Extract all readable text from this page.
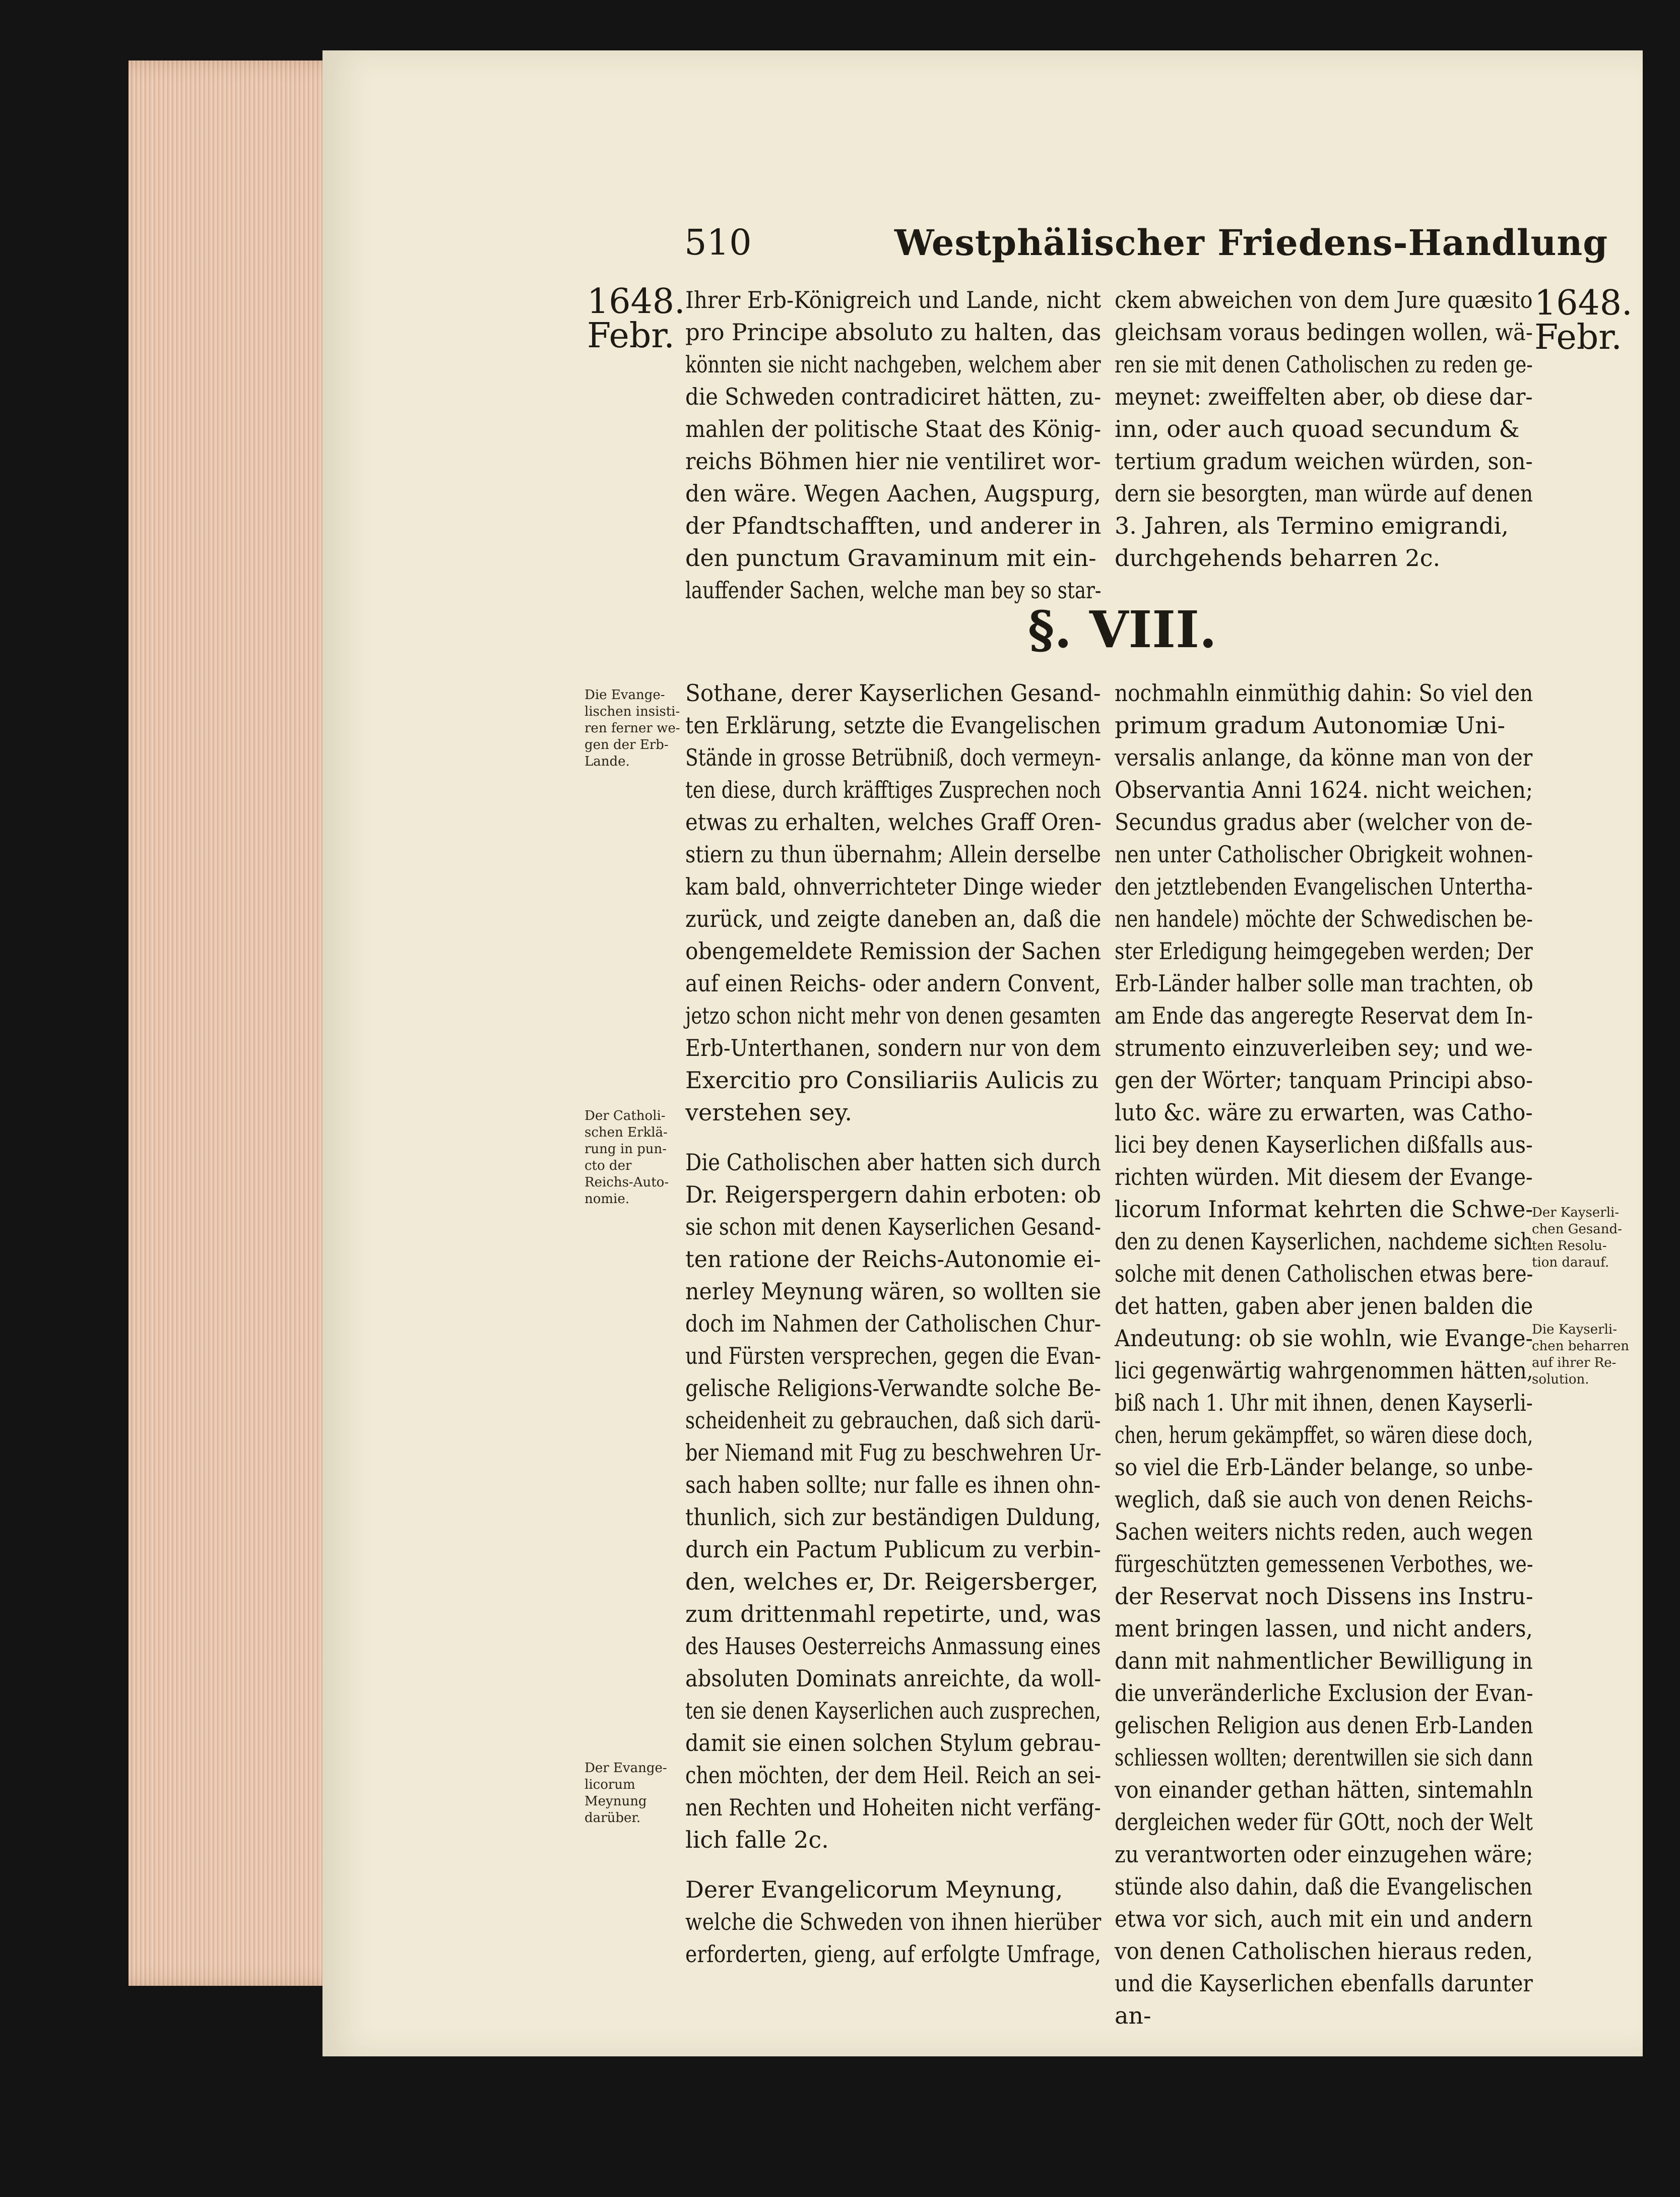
510	Westphälischer Friedens-Handlung
1648.
Febr.
1648.
Febr.
§. VIII.
Ihrer Erb-Königreich und Lande, nicht
pro Principe absoluto zu halten, das
könnten sie nicht nachgeben, welchem aber
die Schweden contradiciret hätten, zu-
mahlen der politische Staat des König-
reichs Böhmen hier nie ventiliret wor-
den wäre. Wegen Aachen, Augspurg,
der Pfandtschafften, und anderer in
den punctum Gravaminum mit ein-
lauffender Sachen, welche man bey so star-
ckem abweichen von dem Jure quæsito
gleichsam voraus bedingen wollen, wä-
ren sie mit denen Catholischen zu reden ge-
meynet: zweiffelten aber, ob diese dar-
inn, oder auch quoad secundum &
tertium gradum weichen würden, son-
dern sie besorgten, man würde auf denen
3. Jahren, als Termino emigrandi,
durchgehends beharren 2c.
Sothane, derer Kayserlichen Gesand-
ten Erklärung, setzte die Evangelischen
Stände in grosse Betrübniß, doch vermeyn-
ten diese, durch kräfftiges Zusprechen noch
etwas zu erhalten, welches Graff Oren-
stiern zu thun übernahm; Allein derselbe
kam bald, ohnverrichteter Dinge wieder
zurück, und zeigte daneben an, daß die
obengemeldete Remission der Sachen
auf einen Reichs- oder andern Convent,
jetzo schon nicht mehr von denen gesamten
Erb-Unterthanen, sondern nur von dem
Exercitio pro Consiliariis Aulicis zu
verstehen sey.
Die Catholischen aber hatten sich durch
Dr. Reigerspergern dahin erboten: ob
sie schon mit denen Kayserlichen Gesand-
ten ratione der Reichs-Autonomie ei-
nerley Meynung wären, so wollten sie
doch im Nahmen der Catholischen Chur-
und Fürsten versprechen, gegen die Evan-
gelische Religions-Verwandte solche Be-
scheidenheit zu gebrauchen, daß sich darü-
ber Niemand mit Fug zu beschwehren Ur-
sach haben sollte; nur falle es ihnen ohn-
thunlich, sich zur beständigen Duldung,
durch ein Pactum Publicum zu verbin-
den, welches er, Dr. Reigersberger,
zum drittenmahl repetirte, und, was
des Hauses Oesterreichs Anmassung eines
absoluten Dominats anreichte, da woll-
ten sie denen Kayserlichen auch zusprechen,
damit sie einen solchen Stylum gebrau-
chen möchten, der dem Heil. Reich an sei-
nen Rechten und Hoheiten nicht verfäng-
lich falle 2c.
Derer Evangelicorum Meynung,
welche die Schweden von ihnen hierüber
erforderten, gieng, auf erfolgte Umfrage,
nochmahln einmüthig dahin: So viel den
primum gradum Autonomiæ Uni-
versalis anlange, da könne man von der
Observantia Anni 1624. nicht weichen;
Secundus gradus aber (welcher von de-
nen unter Catholischer Obrigkeit wohnen-
den jetztlebenden Evangelischen Untertha-
nen handele) möchte der Schwedischen be-
ster Erledigung heimgegeben werden; Der
Erb-Länder halber solle man trachten, ob
am Ende das angeregte Reservat dem In-
strumento einzuverleiben sey; und we-
gen der Wörter; tanquam Principi abso-
luto &c. wäre zu erwarten, was Catho-
lici bey denen Kayserlichen dißfalls aus-
richten würden. Mit diesem der Evange-
licorum Informat kehrten die Schwe-
den zu denen Kayserlichen, nachdeme sich
solche mit denen Catholischen etwas bere-
det hatten, gaben aber jenen balden die
Andeutung: ob sie wohln, wie Evange-
lici gegenwärtig wahrgenommen hätten,
biß nach 1. Uhr mit ihnen, denen Kayserli-
chen, herum gekämpffet, so wären diese doch,
so viel die Erb-Länder belange, so unbe-
weglich, daß sie auch von denen Reichs-
Sachen weiters nichts reden, auch wegen
fürgeschützten gemessenen Verbothes, we-
der Reservat noch Dissens ins Instru-
ment bringen lassen, und nicht anders,
dann mit nahmentlicher Bewilligung in
die unveränderliche Exclusion der Evan-
gelischen Religion aus denen Erb-Landen
schliessen wollten; derentwillen sie sich dann
von einander gethan hätten, sintemahln
dergleichen weder für GOtt, noch der Welt
zu verantworten oder einzugehen wäre;
stünde also dahin, daß die Evangelischen
etwa vor sich, auch mit ein und andern
von denen Catholischen hieraus reden,
und die Kayserlichen ebenfalls darunter
an-
Die Evange-
lischen insisti-
ren ferner we-
gen der Erb-
Lande.
Der Catholi-
schen Erklä-
rung in pun-
cto der
Reichs-Auto-
nomie.
Der Evange-
licorum
Meynung
darüber.
Der Kayserli-
chen Gesand-
ten Resolu-
tion darauf.
Die Kayserli-
chen beharren
auf ihrer Re-
solution.
